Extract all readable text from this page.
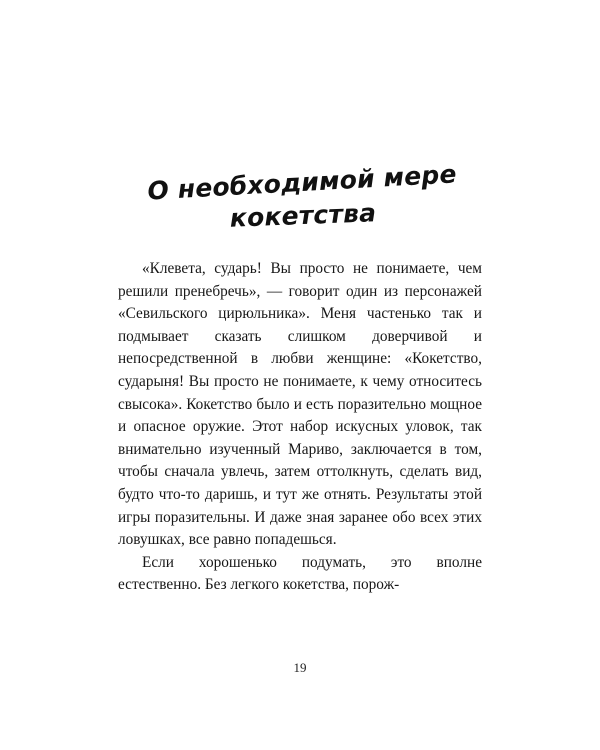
О необходимой мере
кокетства

«Клевета, сударь! Вы просто не понимаете, чем решили пренебречь», — говорит один из персонажей «Севильского цирюльника». Меня частенько так и подмывает сказать слишком доверчивой и непосредственной в любви женщине: «Кокетство, сударыня! Вы просто не понимаете, к чему относитесь свысока». Кокетство было и есть поразительно мощное и опасное оружие. Этот набор искусных уловок, так внимательно изученный Мариво, заключается в том, чтобы сначала увлечь, затем оттолкнуть, сделать вид, будто что-то даришь, и тут же отнять. Результаты этой игры поразительны. И даже зная заранее обо всех этих ловушках, все равно попадешься.

Если хорошенько подумать, это вполне естественно. Без легкого кокетства, порож-

19
